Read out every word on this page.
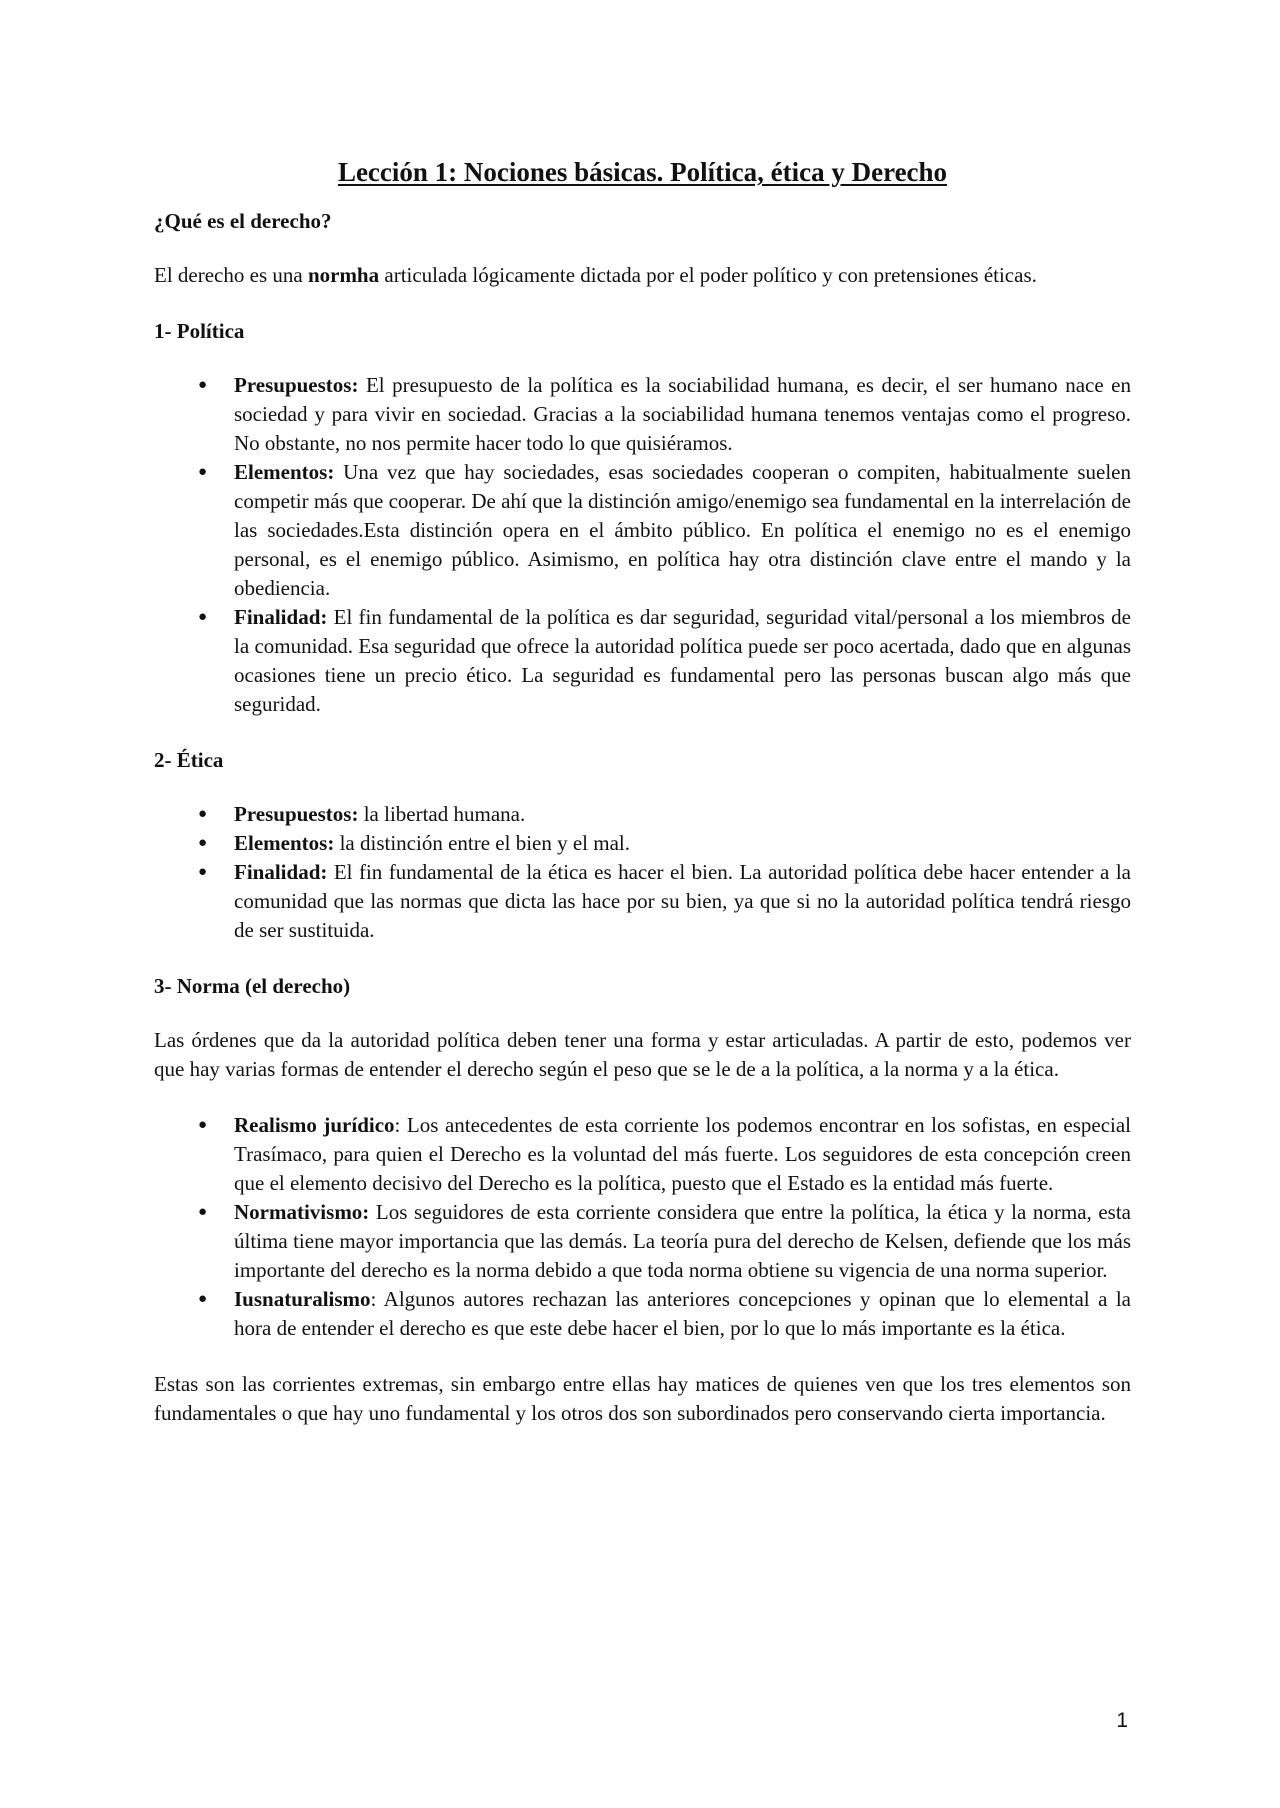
Lección 1: Nociones básicas. Política, ética y Derecho

¿Qué es el derecho?

El derecho es una normha articulada lógicamente dictada por el poder político y con pretensiones éticas.

1- Política

● Presupuestos: El presupuesto de la política es la sociabilidad humana, es decir, el ser humano nace en sociedad y para vivir en sociedad. Gracias a la sociabilidad humana tenemos ventajas como el progreso. No obstante, no nos permite hacer todo lo que quisiéramos.
● Elementos: Una vez que hay sociedades, esas sociedades cooperan o compiten, habitualmente suelen competir más que cooperar. De ahí que la distinción amigo/enemigo sea fundamental en la interrelación de las sociedades.Esta distinción opera en el ámbito público. En política el enemigo no es el enemigo personal, es el enemigo público. Asimismo, en política hay otra distinción clave entre el mando y la obediencia.
● Finalidad: El fin fundamental de la política es dar seguridad, seguridad vital/personal a los miembros de la comunidad. Esa seguridad que ofrece la autoridad política puede ser poco acertada, dado que en algunas ocasiones tiene un precio ético. La seguridad es fundamental pero las personas buscan algo más que seguridad.

2- Ética

● Presupuestos: la libertad humana.
● Elementos: la distinción entre el bien y el mal.
● Finalidad: El fin fundamental de la ética es hacer el bien. La autoridad política debe hacer entender a la comunidad que las normas que dicta las hace por su bien, ya que si no la autoridad política tendrá riesgo de ser sustituida.

3- Norma (el derecho)

Las órdenes que da la autoridad política deben tener una forma y estar articuladas. A partir de esto, podemos ver que hay varias formas de entender el derecho según el peso que se le de a la política, a la norma y a la ética.

● Realismo jurídico: Los antecedentes de esta corriente los podemos encontrar en los sofistas, en especial Trasímaco, para quien el Derecho es la voluntad del más fuerte. Los seguidores de esta concepción creen que el elemento decisivo del Derecho es la política, puesto que el Estado es la entidad más fuerte.
● Normativismo: Los seguidores de esta corriente considera que entre la política, la ética y la norma, esta última tiene mayor importancia que las demás. La teoría pura del derecho de Kelsen, defiende que los más importante del derecho es la norma debido a que toda norma obtiene su vigencia de una norma superior.
● Iusnaturalismo: Algunos autores rechazan las anteriores concepciones y opinan que lo elemental a la hora de entender el derecho es que este debe hacer el bien, por lo que lo más importante es la ética.

Estas son las corrientes extremas, sin embargo entre ellas hay matices de quienes ven que los tres elementos son fundamentales o que hay uno fundamental y los otros dos son subordinados pero conservando cierta importancia.

1
